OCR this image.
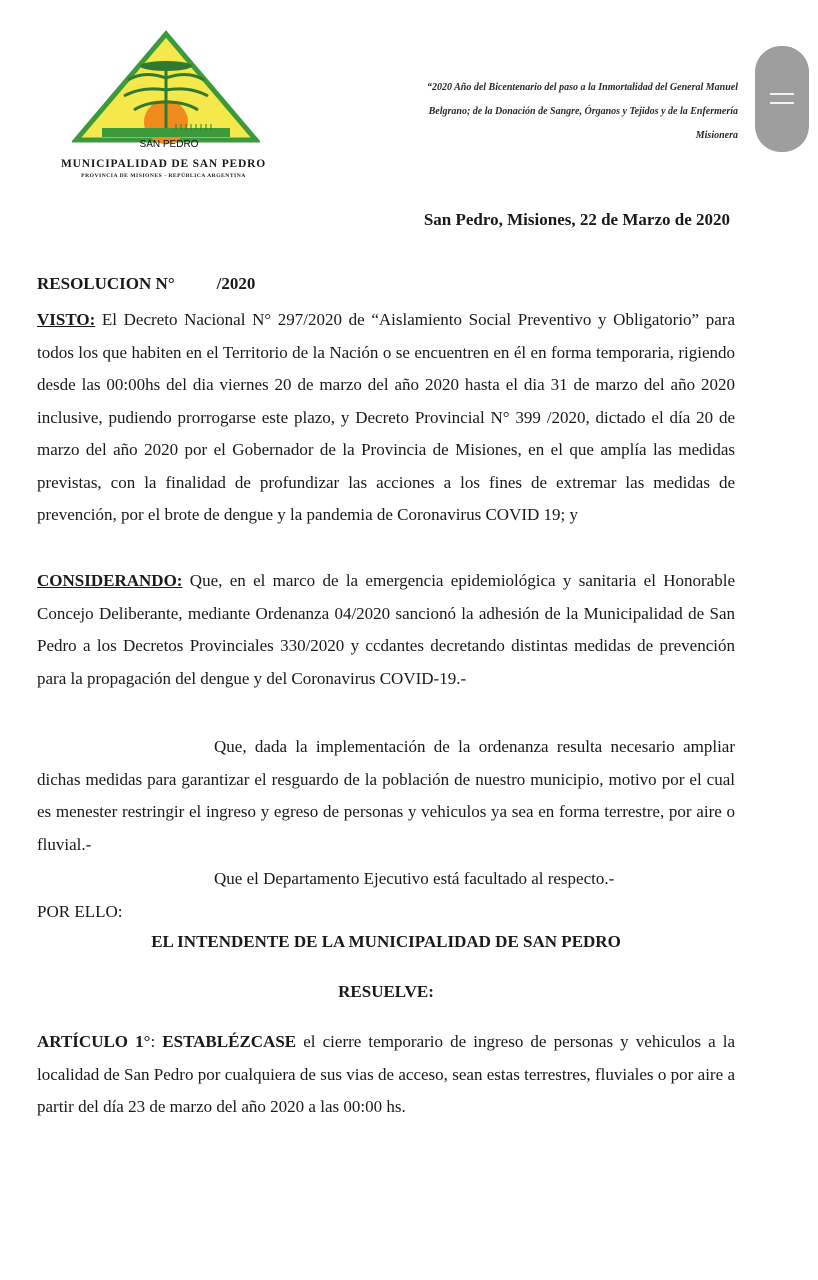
SAN PEDRO
MUNICIPALIDAD DE SAN PEDRO
PROVINCIA DE MISIONES - REPÚBLICA ARGENTINA
“2020 Año del Bicentenario del paso a la Inmortalidad del General Manuel
Belgrano; de la Donación de Sangre, Órganos y Tejidos y de la Enfermería
Misionera
San Pedro, Misiones, 22 de Marzo de 2020
RESOLUCION N° /2020
VISTO: El Decreto Nacional N° 297/2020 de “Aislamiento Social Preventivo y Obligatorio” para todos los que habiten en el Territorio de la Nación o se encuentren en él en forma temporaria, rigiendo desde las 00:00hs del dia viernes 20 de marzo del año 2020 hasta el dia 31 de marzo del año 2020 inclusive, pudiendo prorrogarse este plazo, y Decreto Provincial N° 399 /2020, dictado el día 20 de marzo del año 2020 por el Gobernador de la Provincia de Misiones, en el que amplía las medidas previstas, con la finalidad de profundizar las acciones a los fines de extremar las medidas de prevención, por el brote de dengue y la pandemia de Coronavirus COVID 19; y
CONSIDERANDO: Que, en el marco de la emergencia epidemiológica y sanitaria el Honorable Concejo Deliberante, mediante Ordenanza 04/2020 sancionó la adhesión de la Municipalidad de San Pedro a los Decretos Provinciales 330/2020 y ccdantes decretando distintas medidas de prevención para la propagación del dengue y del Coronavirus COVID-19.-
Que, dada la implementación de la ordenanza resulta necesario ampliar dichas medidas para garantizar el resguardo de la población de nuestro municipio, motivo por el cual es menester restringir el ingreso y egreso de personas y vehiculos ya sea en forma terrestre, por aire o fluvial.-
Que el Departamento Ejecutivo está facultado al respecto.-
POR ELLO:
EL INTENDENTE DE LA MUNICIPALIDAD DE SAN PEDRO
RESUELVE:
ARTÍCULO 1°: ESTABLÉZCASE el cierre temporario de ingreso de personas y vehiculos a la localidad de San Pedro por cualquiera de sus vias de acceso, sean estas terrestres, fluviales o por aire a partir del día 23 de marzo del año 2020 a las 00:00 hs.
